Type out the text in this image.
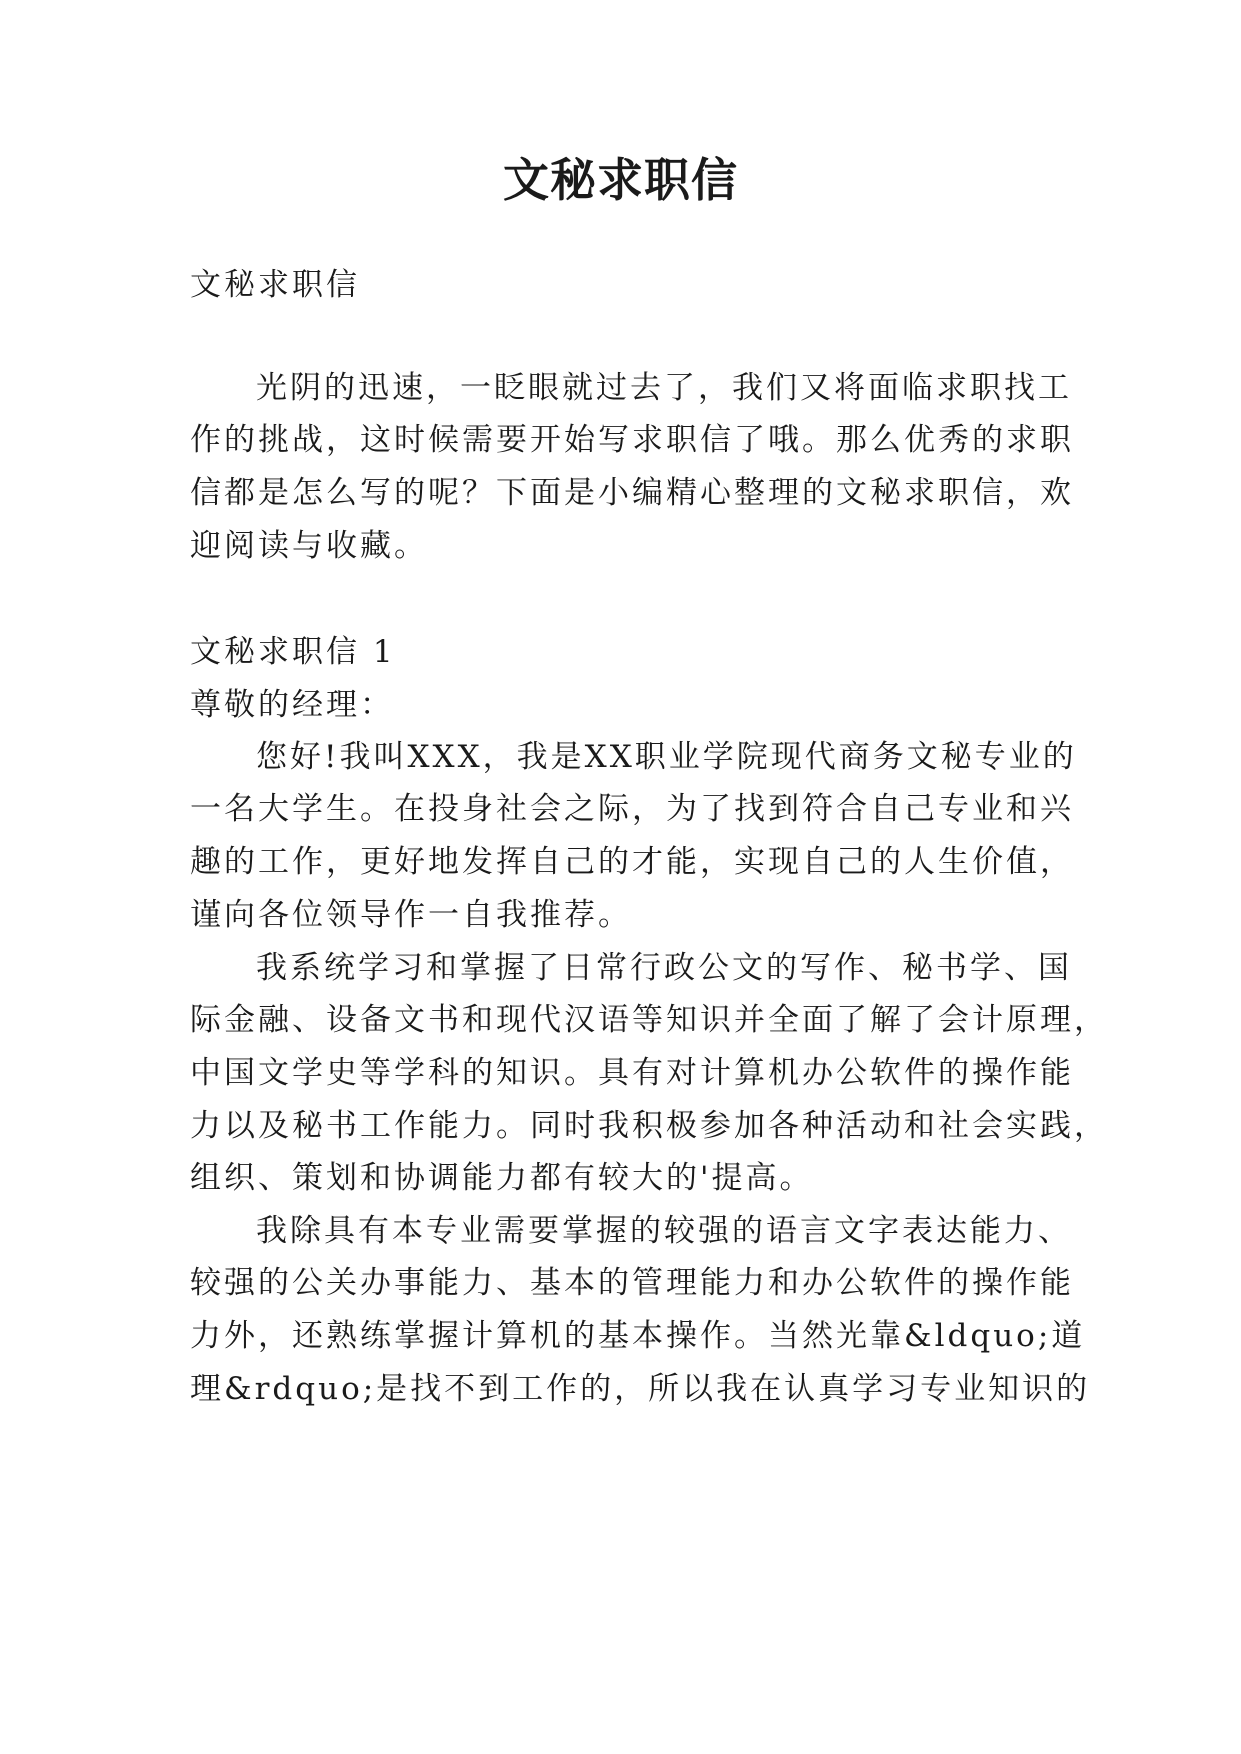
文秘求职信
文秘求职信
光阴的迅速，一眨眼就过去了，我们又将面临求职找工
作的挑战，这时候需要开始写求职信了哦。那么优秀的求职
信都是怎么写的呢？下面是小编精心整理的文秘求职信，欢
迎阅读与收藏。
文秘求职信 1
尊敬的经理：
您好!我叫XXX，我是XX职业学院现代商务文秘专业的
一名大学生。在投身社会之际，为了找到符合自己专业和兴
趣的工作，更好地发挥自己的才能，实现自己的人生价值，
谨向各位领导作一自我推荐。
我系统学习和掌握了日常行政公文的写作、秘书学、国
际金融、设备文书和现代汉语等知识并全面了解了会计原理，
中国文学史等学科的知识。具有对计算机办公软件的操作能
力以及秘书工作能力。同时我积极参加各种活动和社会实践，
组织、策划和协调能力都有较大的'提高。
我除具有本专业需要掌握的较强的语言文字表达能力、
较强的公关办事能力、基本的管理能力和办公软件的操作能
力外，还熟练掌握计算机的基本操作。当然光靠&ldquo;道
理&rdquo;是找不到工作的，所以我在认真学习专业知识的
